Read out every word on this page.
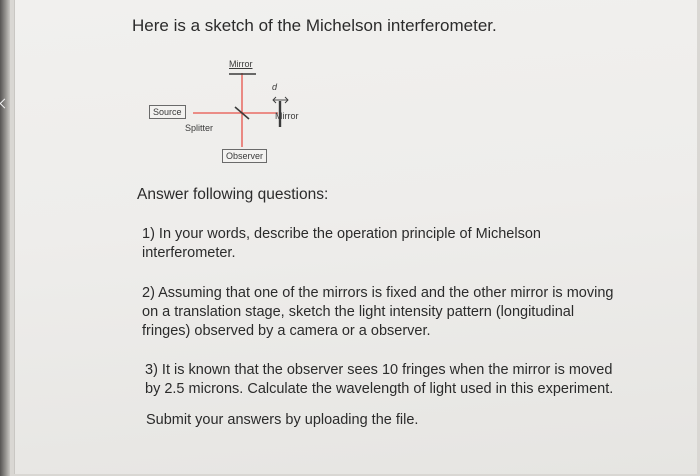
Here is a sketch of the Michelson interferometer.
Mirror
d
Source	Mirror
Splitter
Observer
Answer following questions:
1) In your words, describe the operation principle of Michelson
interferometer.
2) Assuming that one of the mirrors is fixed and the other mirror is moving
on a translation stage, sketch the light intensity pattern (longitudinal
fringes) observed by a camera or a observer.
3) It is known that the observer sees 10 fringes when the mirror is moved
by 2.5 microns. Calculate the wavelength of light used in this experiment.
Submit your answers by uploading the file.
